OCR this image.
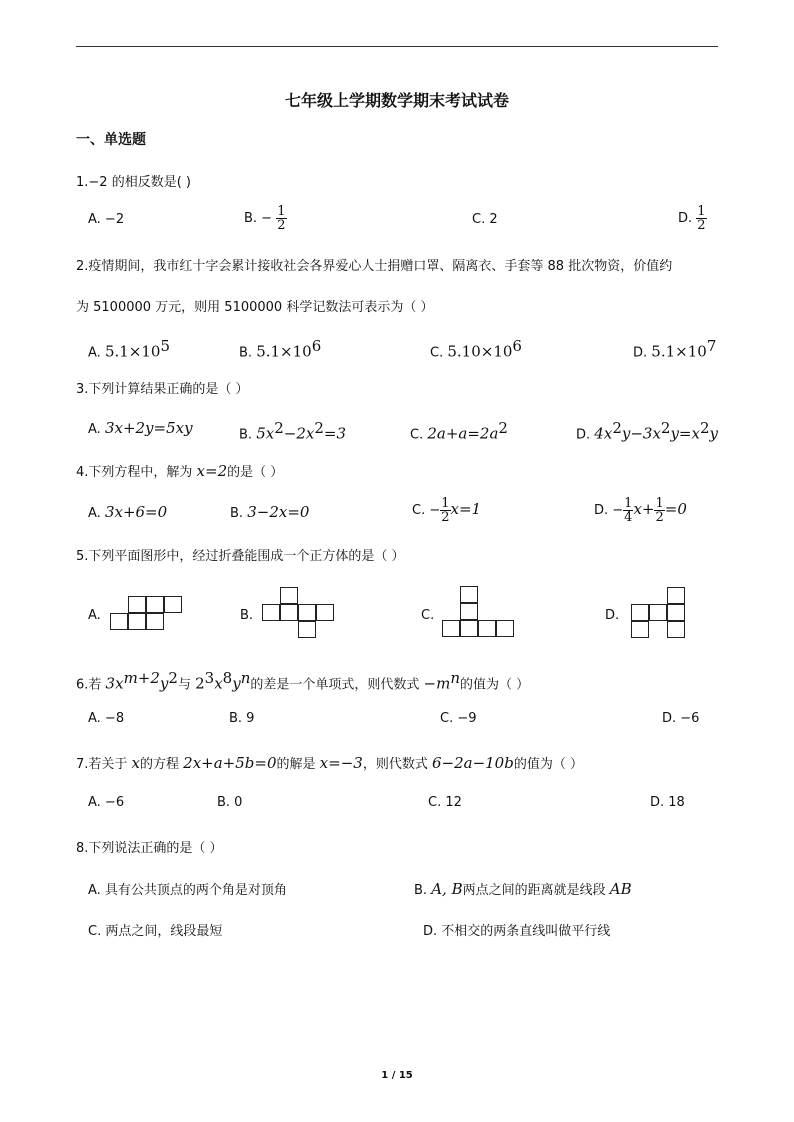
七年级上学期数学期末考试试卷
一、单选题
1.−2 的相反数是( )
A. −2	B. − $\frac{1}{2}$	C. 2	D. $\frac{1}{2}$
2.疫情期间，我市红十字会累计接收社会各界爱心人士捐赠口罩、隔离衣、手套等 88 批次物资，价值约
为 5100000 万元，则用 5100000 科学记数法可表示为（ ）
A. $5.1\times 10^5$	B. $5.1\times 10^6$	C. $5.10\times 10^6$	D. $5.1\times 10^7$
3.下列计算结果正确的是（ ）
A. 3x+2y=5xy	B. $5x^2-2x^2=3$	C. $2a+a=2a^2$	D. $4x^2y-3x^2y=x^2y$
4.下列方程中，解为 x=2的是（ ）
A. 3x+6=0	B. 3−2x=0	C. − $\frac{1}{2} x=1$	D. − $\frac{1}{4} x+ \frac{1}{2} =0$
5.下列平面图形中，经过折叠能围成一个正方体的是（ ）
A.	B.	C.	D.
6.若 $3x^{m+2}y^2$与 $2^3x^8y^n$的差是一个单项式，则代数式 $-m^n$的值为（ ）
A. −8	B. 9	C. −9	D. −6
7.若关于 x的方程 2x+a+5b=0的解是 x=−3，则代数式 6−2a−10b的值为（ ）
A. −6	B. 0	C. 12	D. 18
8.下列说法正确的是（ ）
A. 具有公共顶点的两个角是对顶角	B. A, B两点之间的距离就是线段 AB
C. 两点之间，线段最短	D. 不相交的两条直线叫做平行线
1 / 15
